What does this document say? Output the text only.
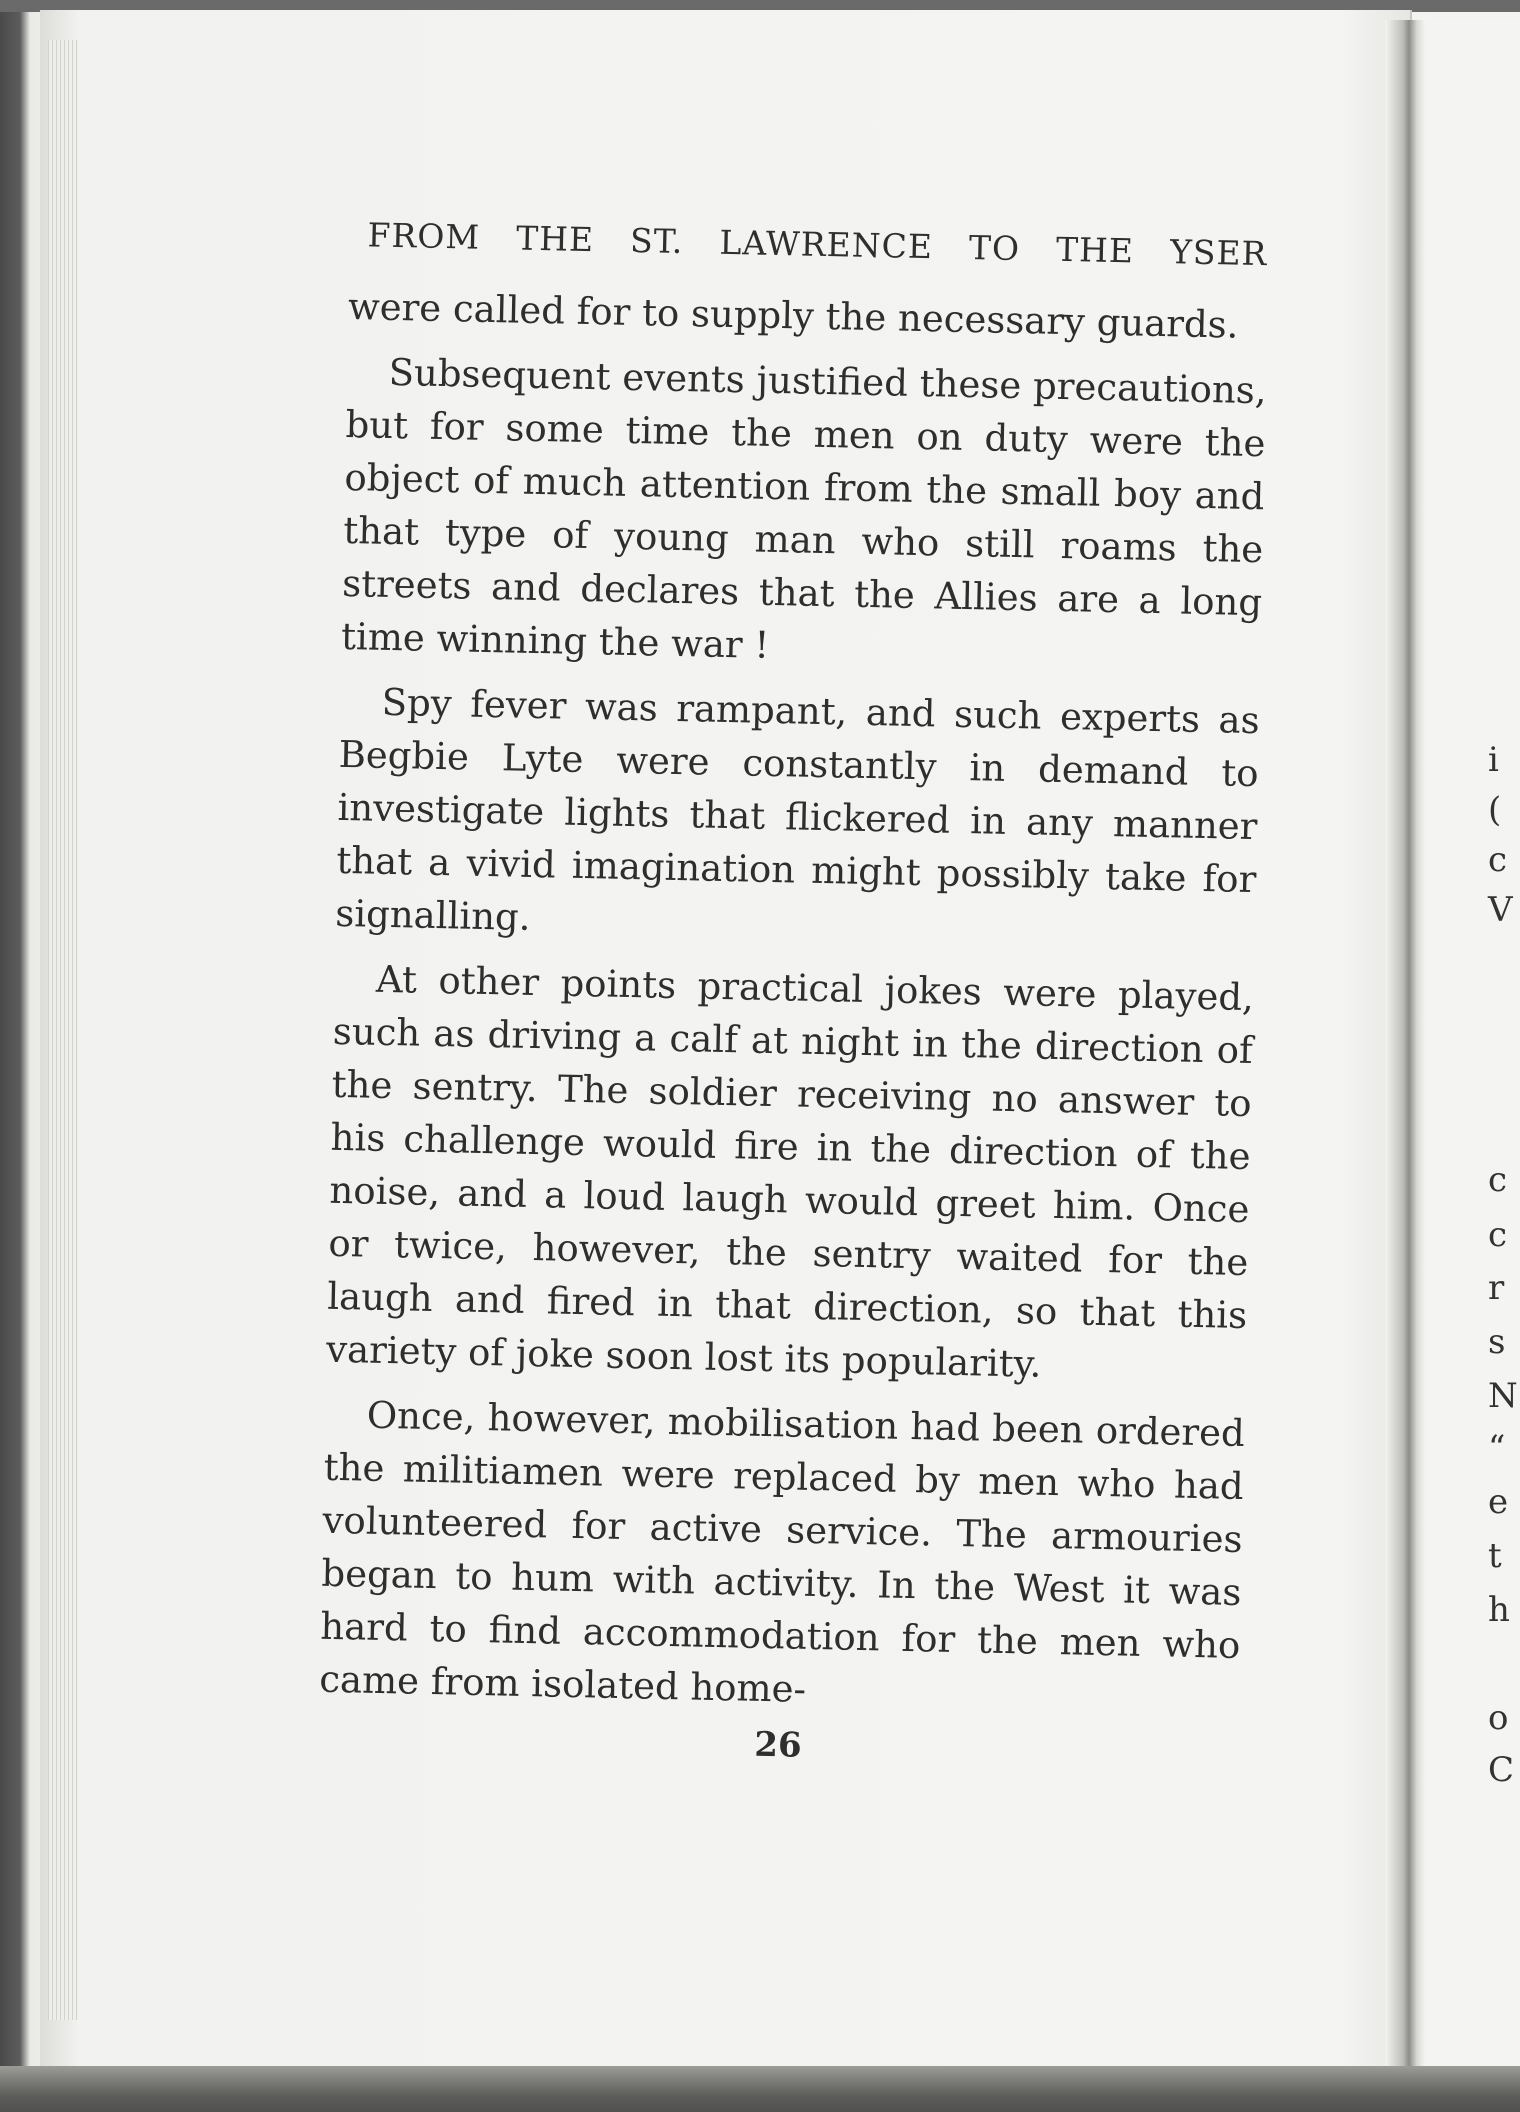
i
(
c
V
c
c
r
s
N
“
e
t
h
o
C
FROM THE ST. LAWRENCE TO THE YSER

were called for to supply the necessary guards.

Subsequent events justified these precautions, but for some time the men on duty were the object of much attention from the small boy and that type of young man who still roams the streets and declares that the Allies are a long time winning the war !

Spy fever was rampant, and such experts as Begbie Lyte were constantly in demand to investigate lights that flickered in any manner that a vivid imagination might possibly take for signalling.

At other points practical jokes were played, such as driving a calf at night in the direction of the sentry. The soldier receiving no answer to his challenge would fire in the direction of the noise, and a loud laugh would greet him. Once or twice, however, the sentry waited for the laugh and fired in that direction, so that this variety of joke soon lost its popularity.

Once, however, mobilisation had been ordered the militiamen were replaced by men who had volunteered for active service. The armouries began to hum with activity. In the West it was hard to find accommodation for the men who came from isolated home-

26
